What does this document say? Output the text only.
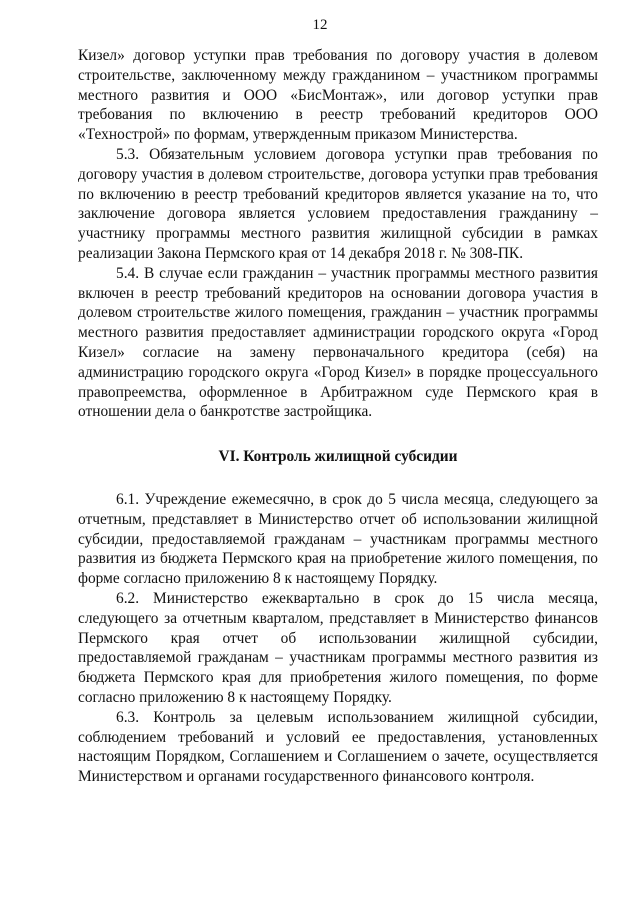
12

Кизел» договор уступки прав требования по договору участия в долевом строительстве, заключенному между гражданином – участником программы местного развития и ООО «БисМонтаж», или договор уступки прав требования по включению в реестр требований кредиторов ООО «Технострой» по формам, утвержденным приказом Министерства.

5.3. Обязательным условием договора уступки прав требования по договору участия в долевом строительстве, договора уступки прав требования по включению в реестр требований кредиторов является указание на то, что заключение договора является условием предоставления гражданину – участнику программы местного развития жилищной субсидии в рамках реализации Закона Пермского края от 14 декабря 2018 г. № 308-ПК.

5.4. В случае если гражданин – участник программы местного развития включен в реестр требований кредиторов на основании договора участия в долевом строительстве жилого помещения, гражданин – участник программы местного развития предоставляет администрации городского округа «Город Кизел» согласие на замену первоначального кредитора (себя) на администрацию городского округа «Город Кизел» в порядке процессуального правопреемства, оформленное в Арбитражном суде Пермского края в отношении дела о банкротстве застройщика.

VI. Контроль жилищной субсидии

6.1. Учреждение ежемесячно, в срок до 5 числа месяца, следующего за отчетным, представляет в Министерство отчет об использовании жилищной субсидии, предоставляемой гражданам – участникам программы местного развития из бюджета Пермского края на приобретение жилого помещения, по форме согласно приложению 8 к настоящему Порядку.

6.2. Министерство ежеквартально в срок до 15 числа месяца, следующего за отчетным кварталом, представляет в Министерство финансов Пермского края отчет об использовании жилищной субсидии, предоставляемой гражданам – участникам программы местного развития из бюджета Пермского края для приобретения жилого помещения, по форме согласно приложению 8 к настоящему Порядку.

6.3. Контроль за целевым использованием жилищной субсидии, соблюдением требований и условий ее предоставления, установленных настоящим Порядком, Соглашением и Соглашением о зачете, осуществляется Министерством и органами государственного финансового контроля.
